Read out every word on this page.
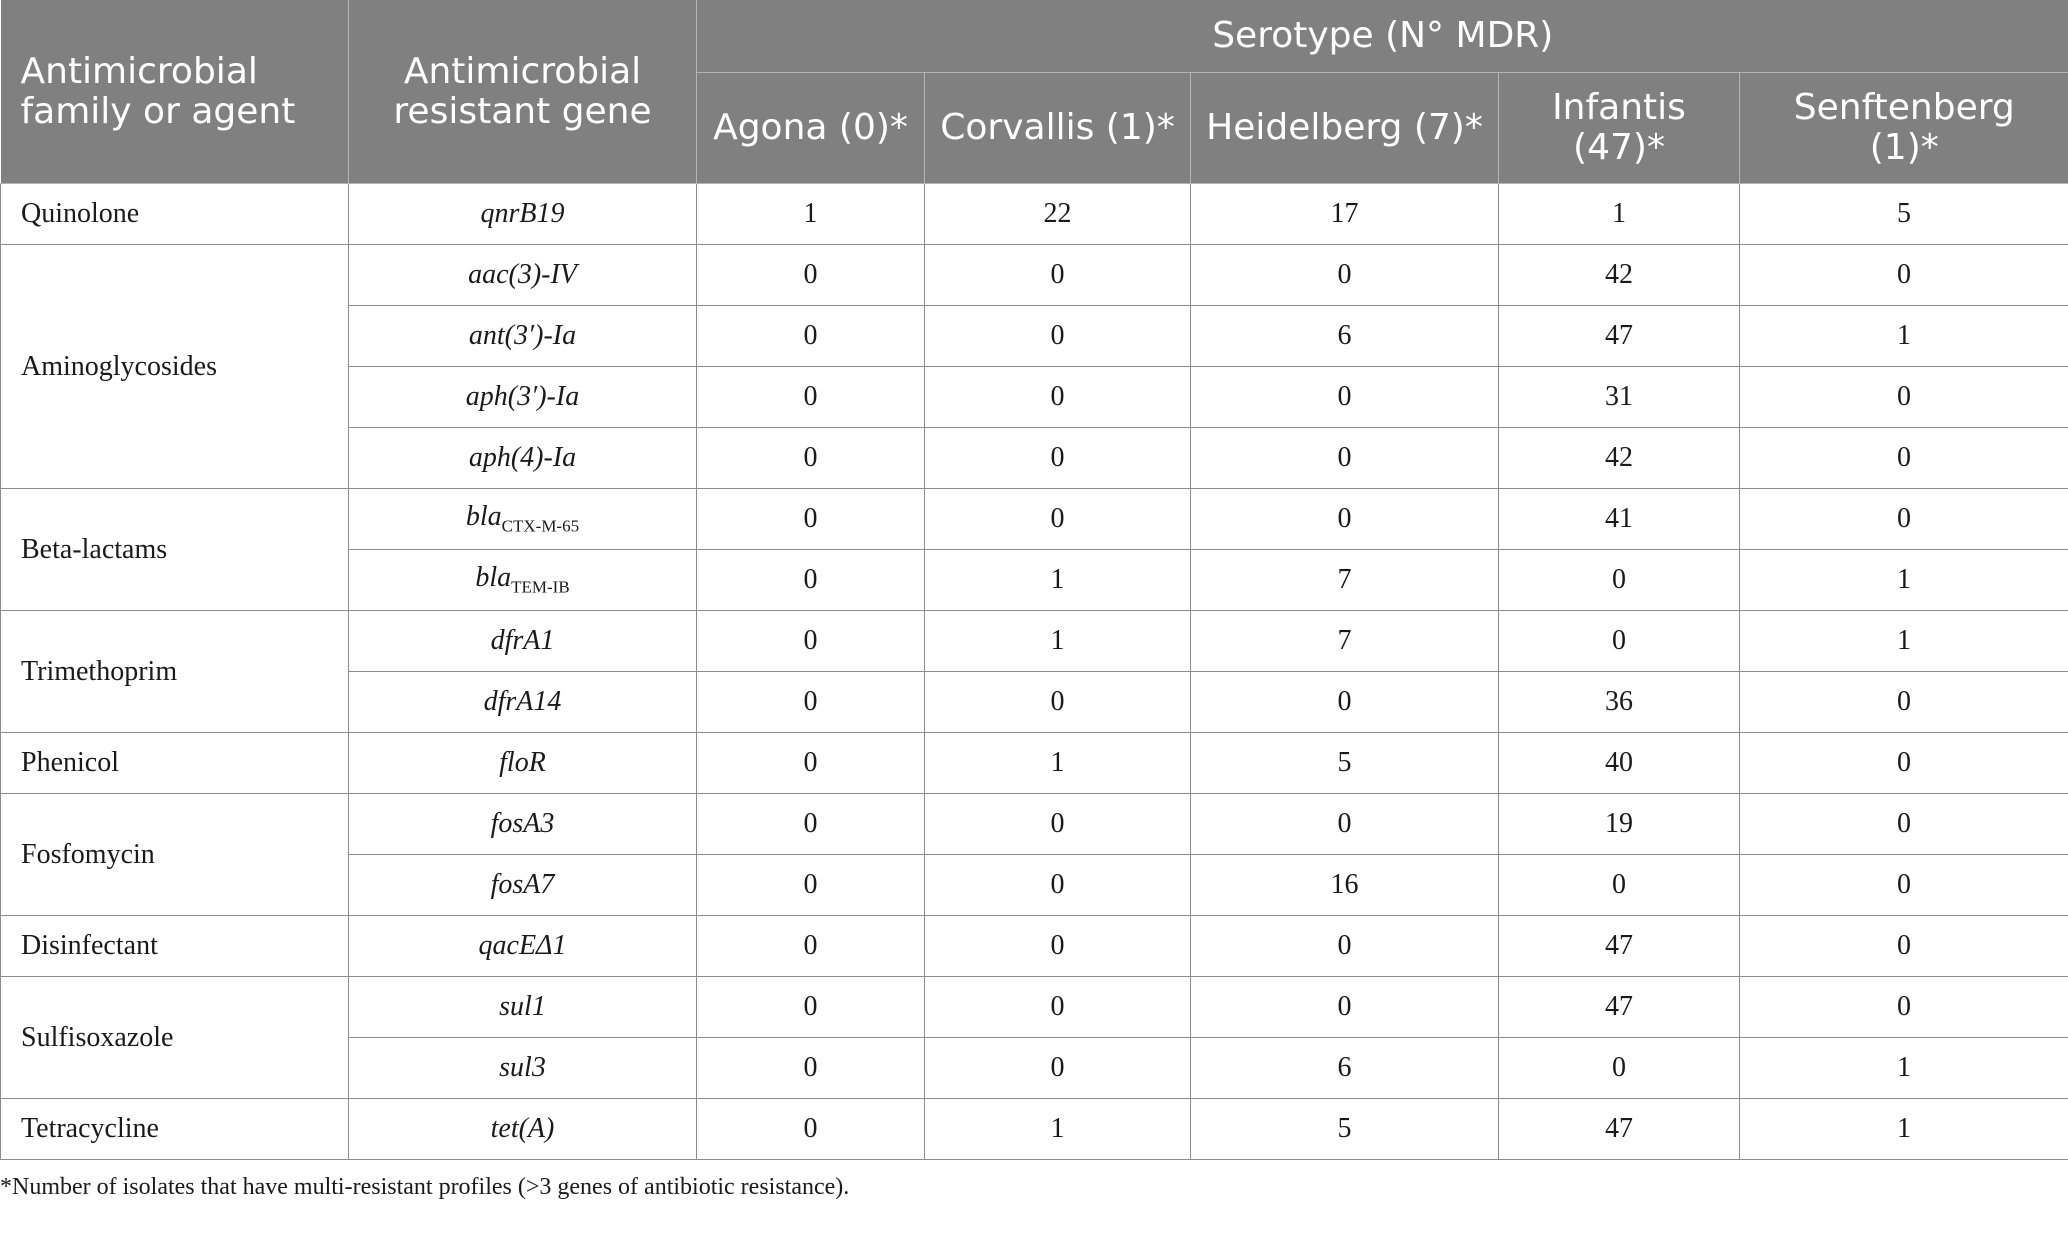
Antimicrobial family or agent	Antimicrobial resistant gene	Serotype (N° MDR)				
		Agona (0)*	Corvallis (1)*	Heidelberg (7)*	Infantis (47)*	Senftenberg (1)*
Quinolone	qnrB19	1	22	17	1	5
Aminoglycosides	aac(3)-IV	0	0	0	42	0
	ant(3′)-Ia	0	0	6	47	1
	aph(3′)-Ia	0	0	0	31	0
	aph(4)-Ia	0	0	0	42	0
Beta-lactams	bla$_{CTX-M-65}$	0	0	0	41	0
	bla$_{TEM-IB}$	0	1	7	0	1
Trimethoprim	dfrA1	0	1	7	0	1
	dfrA14	0	0	0	36	0
Phenicol	floR	0	1	5	40	0
Fosfomycin	fosA3	0	0	0	19	0
	fosA7	0	0	16	0	0
Disinfectant	qacEΔ1	0	0	0	47	0
Sulfisoxazole	sul1	0	0	0	47	0
	sul3	0	0	6	0	1
Tetracycline	tet(A)	0	1	5	47	1
*Number of isolates that have multi-resistant profiles (>3 genes of antibiotic resistance).
